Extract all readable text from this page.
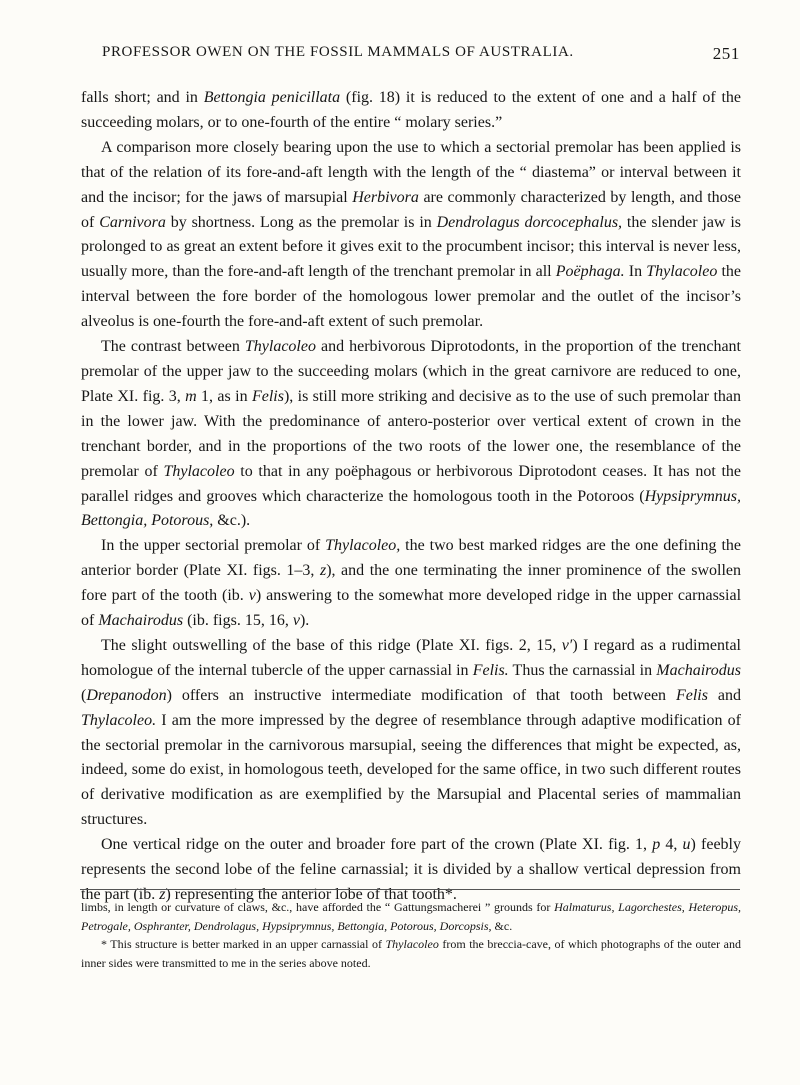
PROFESSOR OWEN ON THE FOSSIL MAMMALS OF AUSTRALIA.	251

falls short; and in Bettongia penicillata (fig. 18) it is reduced to the extent of one and a half of the succeeding molars, or to one-fourth of the entire “ molary series.”

A comparison more closely bearing upon the use to which a sectorial premolar has been applied is that of the relation of its fore-and-aft length with the length of the “ diastema” or interval between it and the incisor; for the jaws of marsupial Herbivora are commonly characterized by length, and those of Carnivora by shortness. Long as the premolar is in Dendrolagus dorcocephalus, the slender jaw is prolonged to as great an extent before it gives exit to the procumbent incisor; this interval is never less, usually more, than the fore-and-aft length of the trenchant premolar in all Poëphaga. In Thylacoleo the interval between the fore border of the homologous lower premolar and the outlet of the incisor’s alveolus is one-fourth the fore-and-aft extent of such premolar.

The contrast between Thylacoleo and herbivorous Diprotodonts, in the proportion of the trenchant premolar of the upper jaw to the succeeding molars (which in the great carnivore are reduced to one, Plate XI. fig. 3, m 1, as in Felis), is still more striking and decisive as to the use of such premolar than in the lower jaw. With the predominance of antero-posterior over vertical extent of crown in the trenchant border, and in the proportions of the two roots of the lower one, the resemblance of the premolar of Thylacoleo to that in any poëphagous or herbivorous Diprotodont ceases. It has not the parallel ridges and grooves which characterize the homologous tooth in the Potoroos (Hypsiprymnus, Bettongia, Potorous, &c.).

In the upper sectorial premolar of Thylacoleo, the two best marked ridges are the one defining the anterior border (Plate XI. figs. 1–3, z), and the one terminating the inner prominence of the swollen fore part of the tooth (ib. v) answering to the somewhat more developed ridge in the upper carnassial of Machairodus (ib. figs. 15, 16, v).

The slight outswelling of the base of this ridge (Plate XI. figs. 2, 15, v′) I regard as a rudimental homologue of the internal tubercle of the upper carnassial in Felis. Thus the carnassial in Machairodus (Drepanodon) offers an instructive intermediate modification of that tooth between Felis and Thylacoleo. I am the more impressed by the degree of resemblance through adaptive modification of the sectorial premolar in the carnivorous marsupial, seeing the differences that might be expected, as, indeed, some do exist, in homologous teeth, developed for the same office, in two such different routes of derivative modification as are exemplified by the Marsupial and Placental series of mammalian structures.

One vertical ridge on the outer and broader fore part of the crown (Plate XI. fig. 1, p 4, u) feebly represents the second lobe of the feline carnassial; it is divided by a shallow vertical depression from the part (ib. z) representing the anterior lobe of that tooth*.

limbs, in length or curvature of claws, &c., have afforded the “ Gattungsmacherei ” grounds for Halmaturus, Lagorchestes, Heteropus, Petrogale, Osphranter, Dendrolagus, Hypsiprymnus, Bettongia, Potorous, Dorcopsis, &c.

* This structure is better marked in an upper carnassial of Thylacoleo from the breccia-cave, of which photographs of the outer and inner sides were transmitted to me in the series above noted.
